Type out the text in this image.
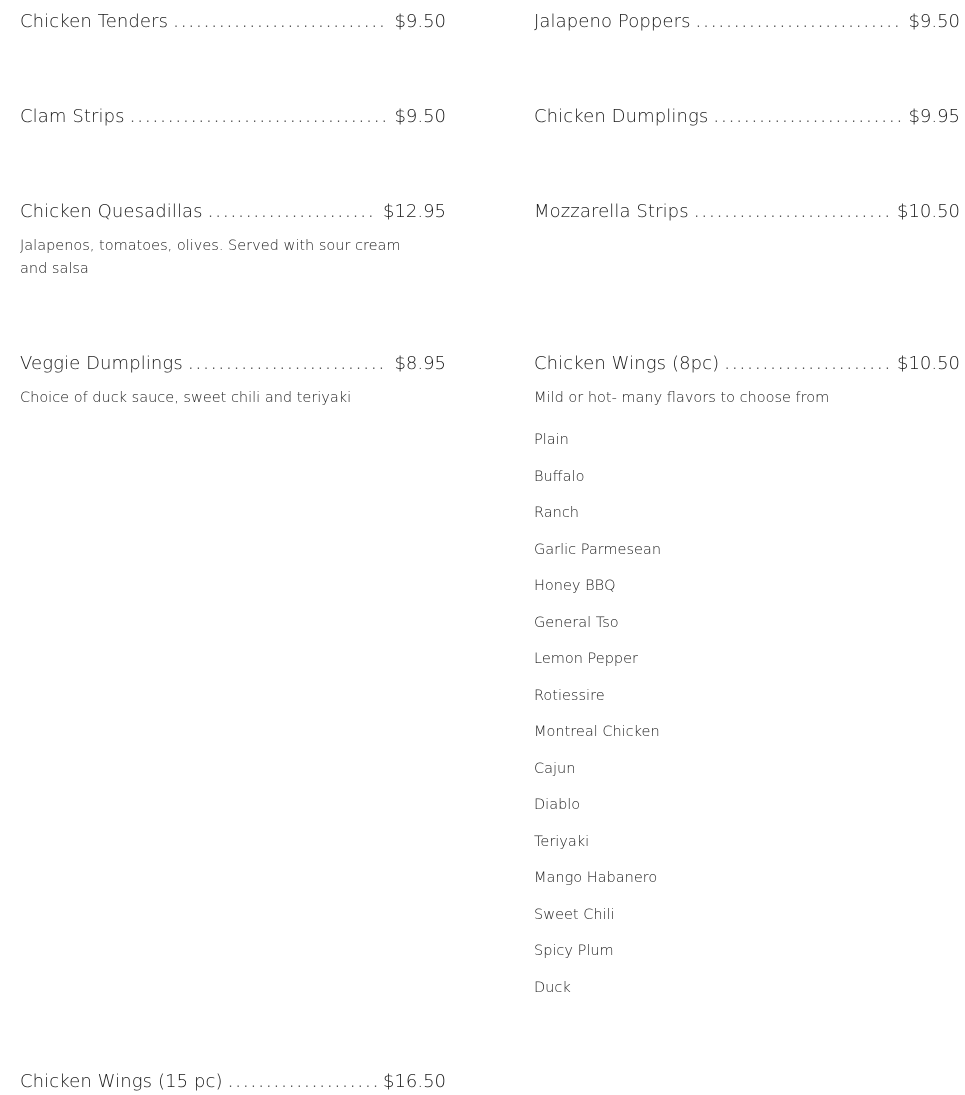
Chicken Tenders . . .	$9.50
Clam Strips . . .	$9.50
Chicken Quesadillas . . .	$12.95
Jalapenos, tomatoes, olives. Served with sour cream and salsa
Veggie Dumplings . . .	$8.95
Choice of duck sauce, sweet chili and teriyaki
Chicken Wings (15 pc) . . .	$16.50
Jalapeno Poppers . . .	$9.50
Chicken Dumplings . . .	$9.95
Mozzarella Strips . . .	$10.50
Chicken Wings (8pc) . . .	$10.50
Mild or hot- many flavors to choose from
Plain
Buffalo
Ranch
Garlic Parmesean
Honey BBQ
General Tso
Lemon Pepper
Rotiessire
Montreal Chicken
Cajun
Diablo
Teriyaki
Mango Habanero
Sweet Chili
Spicy Plum
Duck
